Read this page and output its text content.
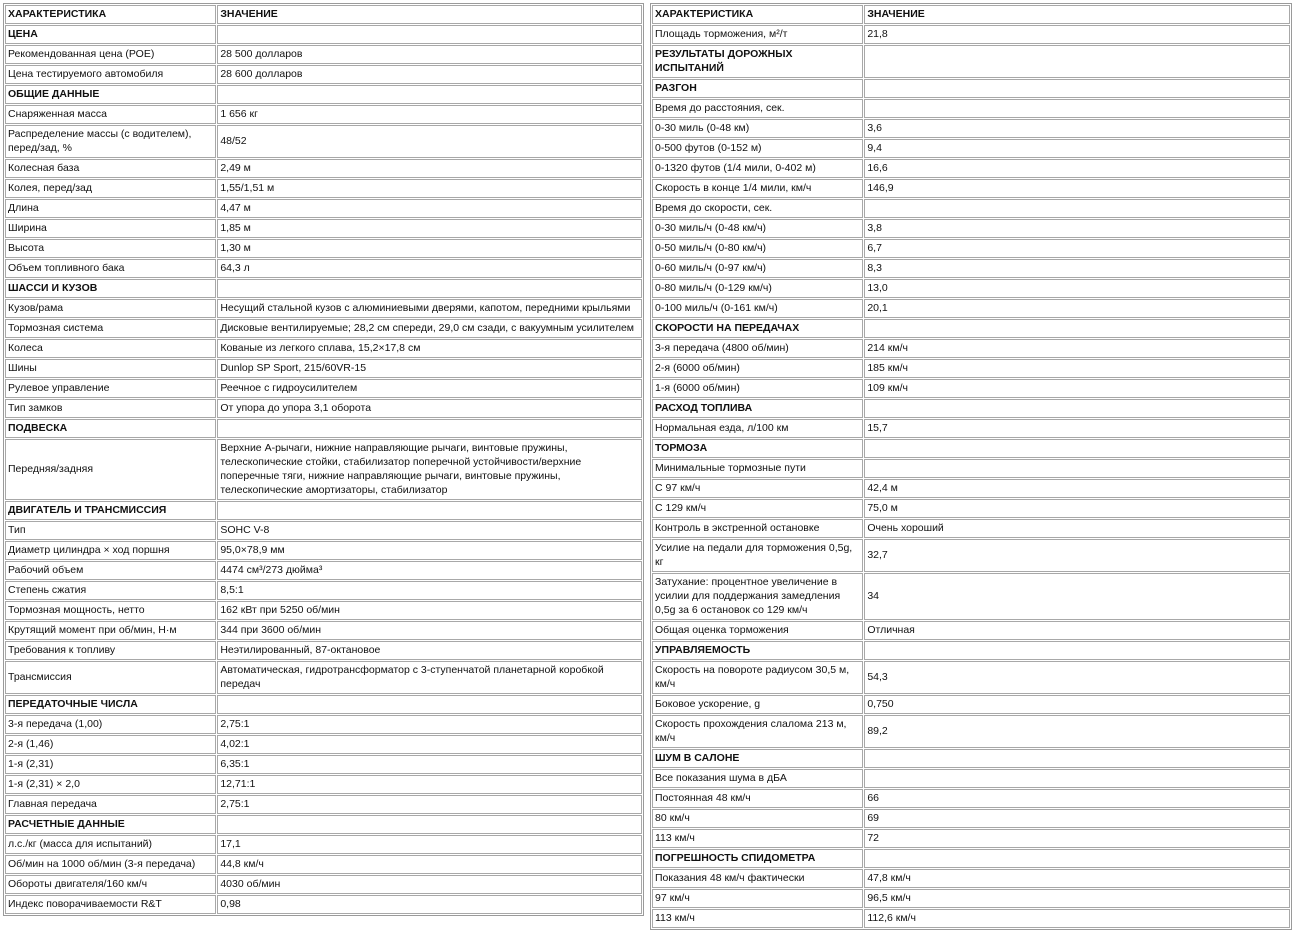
ХАРАКТЕРИСТИКА	ЗНАЧЕНИЕ
ЦЕНА	
Рекомендованная цена (РОЕ)	28 500 долларов
Цена тестируемого автомобиля	28 600 долларов
ОБЩИЕ ДАННЫЕ	
Снаряженная масса	1 656 кг
Распределение массы (с водителем), перед/зад, %	48/52
Колесная база	2,49 м
Колея, перед/зад	1,55/1,51 м
Длина	4,47 м
Ширина	1,85 м
Высота	1,30 м
Объем топливного бака	64,3 л
ШАССИ И КУЗОВ	
Кузов/рама	Несущий стальной кузов с алюминиевыми дверями, капотом, передними крыльями
Тормозная система	Дисковые вентилируемые; 28,2 см спереди, 29,0 см сзади, с вакуумным усилителем
Колеса	Кованые из легкого сплава, 15,2×17,8 см
Шины	Dunlop SP Sport, 215/60VR-15
Рулевое управление	Реечное с гидроусилителем
Тип замков	От упора до упора 3,1 оборота
ПОДВЕСКА	
Передняя/задняя	Верхние А-рычаги, нижние направляющие рычаги, винтовые пружины, телескопические стойки, стабилизатор поперечной устойчивости/верхние поперечные тяги, нижние направляющие рычаги, винтовые пружины, телескопические амортизаторы, стабилизатор
ДВИГАТЕЛЬ И ТРАНСМИССИЯ	
Тип	SOHC V-8
Диаметр цилиндра × ход поршня	95,0×78,9 мм
Рабочий объем	4474 см³/273 дюйма³
Степень сжатия	8,5:1
Тормозная мощность, нетто	162 кВт при 5250 об/мин
Крутящий момент при об/мин, Н·м	344 при 3600 об/мин
Требования к топливу	Неэтилированный, 87-октановое
Трансмиссия	Автоматическая, гидротрансформатор с 3-ступенчатой планетарной коробкой передач
ПЕРЕДАТОЧНЫЕ ЧИСЛА	
3-я передача (1,00)	2,75:1
2-я (1,46)	4,02:1
1-я (2,31)	6,35:1
1-я (2,31) × 2,0	12,71:1
Главная передача	2,75:1
РАСЧЕТНЫЕ ДАННЫЕ	
л.с./кг (масса для испытаний)	17,1
Об/мин на 1000 об/мин (3-я передача)	44,8 км/ч
Обороты двигателя/160 км/ч	4030 об/мин
Индекс поворачиваемости R&T	0,98
ХАРАКТЕРИСТИКА	ЗНАЧЕНИЕ
Площадь торможения, м²/т	21,8
РЕЗУЛЬТАТЫ ДОРОЖНЫХ ИСПЫТАНИЙ	
РАЗГОН	
Время до расстояния, сек.	
0-30 миль (0-48 км)	3,6
0-500 футов (0-152 м)	9,4
0-1320 футов (1/4 мили, 0-402 м)	16,6
Скорость в конце 1/4 мили, км/ч	146,9
Время до скорости, сек.	
0-30 миль/ч (0-48 км/ч)	3,8
0-50 миль/ч (0-80 км/ч)	6,7
0-60 миль/ч (0-97 км/ч)	8,3
0-80 миль/ч (0-129 км/ч)	13,0
0-100 миль/ч (0-161 км/ч)	20,1
СКОРОСТИ НА ПЕРЕДАЧАХ	
3-я передача (4800 об/мин)	214 км/ч
2-я (6000 об/мин)	185 км/ч
1-я (6000 об/мин)	109 км/ч
РАСХОД ТОПЛИВА	
Нормальная езда, л/100 км	15,7
ТОРМОЗА	
Минимальные тормозные пути	
С 97 км/ч	42,4 м
С 129 км/ч	75,0 м
Контроль в экстренной остановке	Очень хороший
Усилие на педали для торможения 0,5g, кг	32,7
Затухание: процентное увеличение в усилии для поддержания замедления 0,5g за 6 остановок со 129 км/ч	34
Общая оценка торможения	Отличная
УПРАВЛЯЕМОСТЬ	
Скорость на повороте радиусом 30,5 м, км/ч	54,3
Боковое ускорение, g	0,750
Скорость прохождения слалома 213 м, км/ч	89,2
ШУМ В САЛОНЕ	
Все показания шума в дБА	
Постоянная 48 км/ч	66
80 км/ч	69
113 км/ч	72
ПОГРЕШНОСТЬ СПИДОМЕТРА	
Показания 48 км/ч фактически	47,8 км/ч
97 км/ч	96,5 км/ч
113 км/ч	112,6 км/ч
